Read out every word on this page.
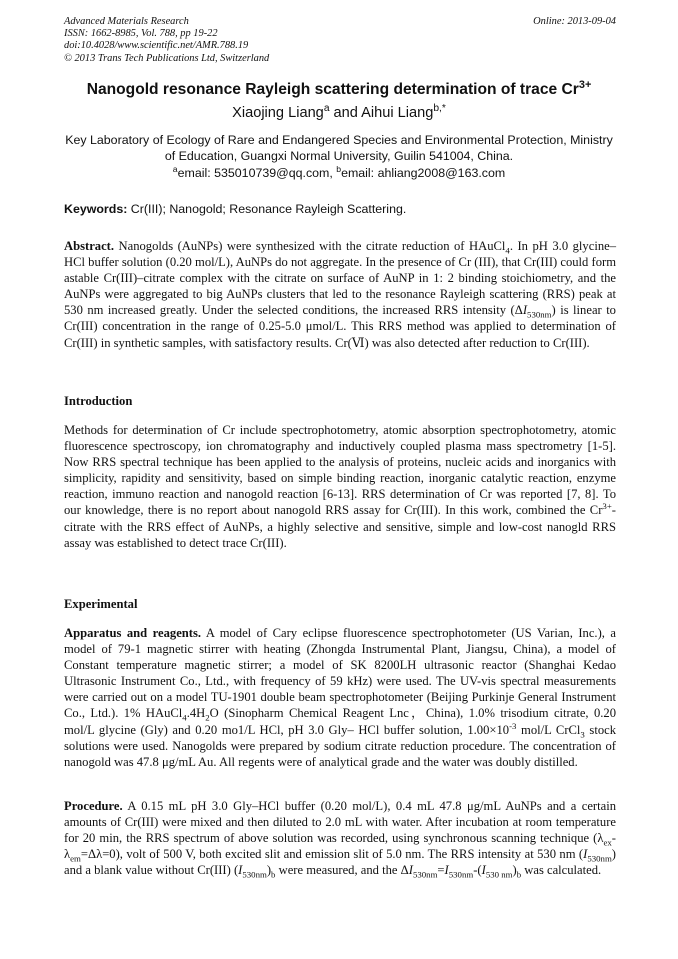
Advanced Materials Research
ISSN: 1662-8985, Vol. 788, pp 19-22
doi:10.4028/www.scientific.net/AMR.788.19
© 2013 Trans Tech Publications Ltd, Switzerland
Online: 2013-09-04
Nanogold resonance Rayleigh scattering determination of trace $Cr^{3+}$
Xiaojing Liang$^a$ and Aihui Liang$^{b,*}$
Key Laboratory of Ecology of Rare and Endangered Species and Environmental Protection, Ministry
of Education, Guangxi Normal University, Guilin 541004, China.
$^a$email: 535010739@qq.com, $^b$email: ahliang2008@163.com
Keywords: Cr(III); Nanogold; Resonance Rayleigh Scattering.
Abstract. Nanogolds (AuNPs) were synthesized with the citrate reduction of HAuCl$_4$. In pH 3.0 glycine–HCl buffer solution (0.20 mol/L), AuNPs do not aggregate. In the presence of Cr (III), that Cr(III) could form astable Cr(III)–citrate complex with the citrate on surface of AuNP in 1: 2 binding stoichiometry, and the AuNPs were aggregated to big AuNPs clusters that led to the resonance Rayleigh scattering (RRS) peak at 530 nm increased greatly. Under the selected conditions, the increased RRS intensity $(\Delta I_{530nm})$ is linear to Cr(III) concentration in the range of 0.25-5.0 μmol/L. This RRS method was applied to determination of Cr(III) in synthetic samples, with satisfactory results. Cr(Ⅵ) was also detected after reduction to Cr(III).
Introduction
Methods for determination of Cr include spectrophotometry, atomic absorption spectrophotometry, atomic fluorescence spectroscopy, ion chromatography and inductively coupled plasma mass spectrometry [1-5]. Now RRS spectral technique has been applied to the analysis of proteins, nucleic acids and inorganics with simplicity, rapidity and sensitivity, based on simple binding reaction, inorganic catalytic reaction, enzyme reaction, immuno reaction and nanogold reaction [6-13]. RRS determination of Cr was reported [7, 8]. To our knowledge, there is no report about nanogold RRS assay for Cr(III). In this work, combined the $Cr^{3+}$-citrate with the RRS effect of AuNPs, a highly selective and sensitive, simple and low-cost nanogld RRS assay was established to detect trace Cr(III).
Experimental
Apparatus and reagents. A model of Cary eclipse fluorescence spectrophotometer (US Varian, Inc.), a model of 79-1 magnetic stirrer with heating (Zhongda Instrumental Plant, Jiangsu, China), a model of Constant temperature magnetic stirrer; a model of SK 8200LH ultrasonic reactor (Shanghai Kedao Ultrasonic Instrument Co., Ltd., with frequency of 59 kHz) were used. The UV-vis spectral measurements were carried out on a model TU-1901 double beam spectrophotometer (Beijing Purkinje General Instrument Co., Ltd.). 1% $HAuCl_4.4H_2O$ (Sinopharm Chemical Reagent Lnc，China), 1.0% trisodium citrate, 0.20 mol/L glycine (Gly) and 0.20 mo1/L HCl, pH 3.0 Gly– HCl buffer solution, $1.00\times 10^{-3}$ mol/L CrCl$_3$ stock solutions were used. Nanogolds were prepared by sodium citrate reduction procedure. The concentration of nanogold was 47.8 μg/mL Au. All regents were of analytical grade and the water was doubly distilled.
Procedure. A 0.15 mL pH 3.0 Gly–HCl buffer (0.20 mol/L), 0.4 mL 47.8 μg/mL AuNPs and a certain amounts of Cr(III) were mixed and then diluted to 2.0 mL with water. After incubation at room temperature for 20 min, the RRS spectrum of above solution was recorded, using synchronous scanning technique $(\lambda_{ex}-\lambda_{em}=\Delta\lambda=0)$, volt of 500 V, both excited slit and emission slit of 5.0 nm. The RRS intensity at 530 nm $(I_{530nm})$ and a blank value without Cr(III) $(I_{530nm})_b$ were measured, and the $\Delta I_{530nm}=I_{530nm}-(I_{530 nm})_b$ was calculated.
